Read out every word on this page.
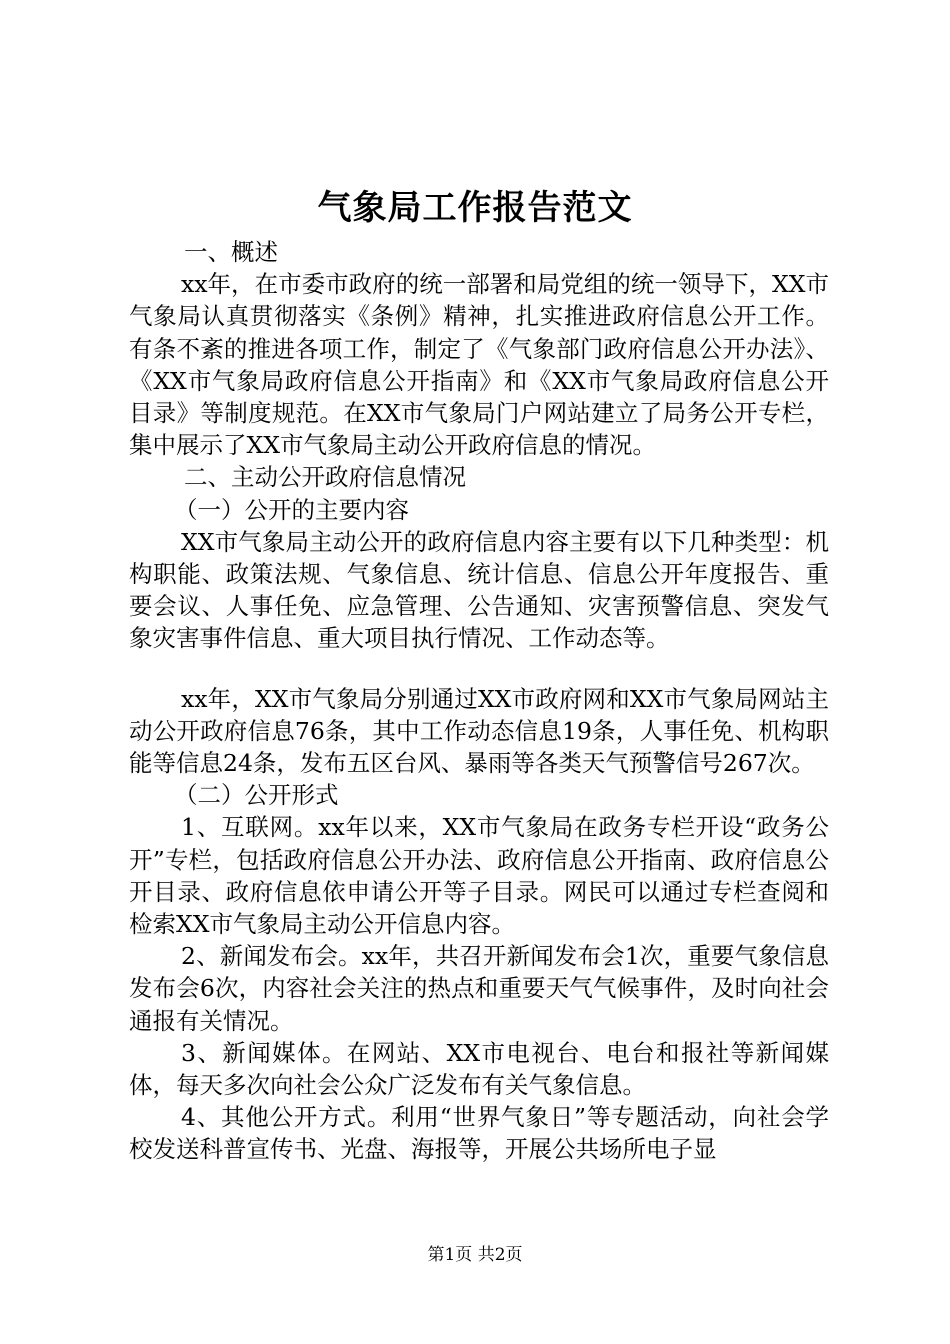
气象局工作报告范文

一、概述

xx年，在市委市政府的统一部署和局党组的统一领导下，XX市气象局认真贯彻落实《条例》精神，扎实推进政府信息公开工作。有条不紊的推进各项工作，制定了《气象部门政府信息公开办法》、《XX市气象局政府信息公开指南》和《XX市气象局政府信息公开目录》等制度规范。在XX市气象局门户网站建立了局务公开专栏，集中展示了XX市气象局主动公开政府信息的情况。

二、主动公开政府信息情况

（一）公开的主要内容

XX市气象局主动公开的政府信息内容主要有以下几种类型：机构职能、政策法规、气象信息、统计信息、信息公开年度报告、重要会议、人事任免、应急管理、公告通知、灾害预警信息、突发气象灾害事件信息、重大项目执行情况、工作动态等。

xx年，XX市气象局分别通过XX市政府网和XX市气象局网站主动公开政府信息76条，其中工作动态信息19条，人事任免、机构职能等信息24条，发布五区台风、暴雨等各类天气预警信号267次。

（二）公开形式

1、互联网。xx年以来，XX市气象局在政务专栏开设“政务公开”专栏，包括政府信息公开办法、政府信息公开指南、政府信息公开目录、政府信息依申请公开等子目录。网民可以通过专栏查阅和检索XX市气象局主动公开信息内容。

2、新闻发布会。xx年，共召开新闻发布会1次，重要气象信息发布会6次，内容社会关注的热点和重要天气气候事件，及时向社会通报有关情况。

3、新闻媒体。在网站、XX市电视台、电台和报社等新闻媒体，每天多次向社会公众广泛发布有关气象信息。

4、其他公开方式。利用“世界气象日”等专题活动，向社会学校发送科普宣传书、光盘、海报等，开展公共场所电子显

第1页 共2页
